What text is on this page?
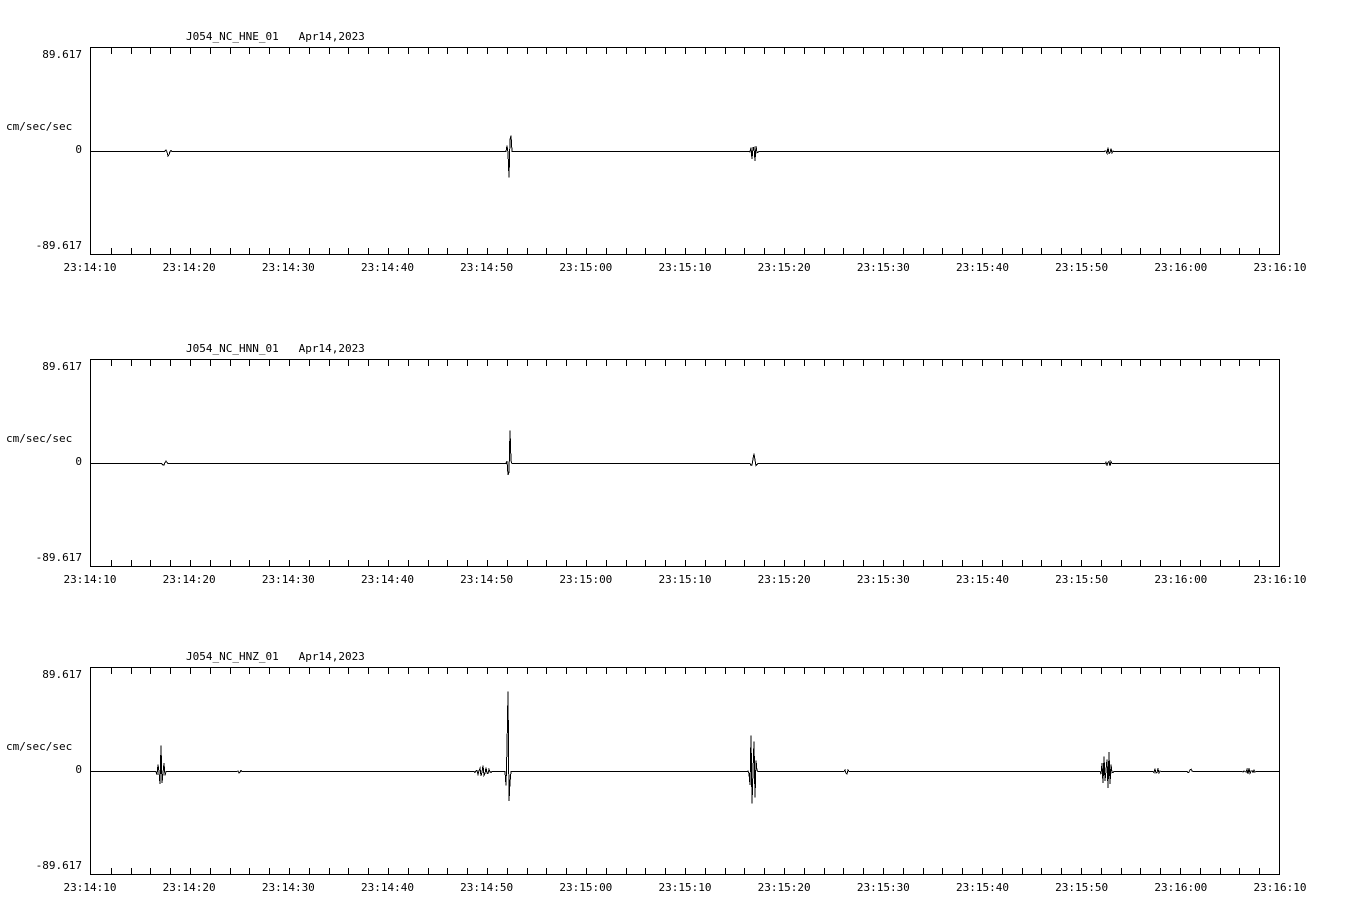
J054_NC_HNE_01   Apr14,2023
89.617
cm/sec/sec
0
-89.617
23:14:10	23:14:20	23:14:30	23:14:40	23:14:50	23:15:00	23:15:10	23:15:20	23:15:30	23:15:40	23:15:50	23:16:00	23:16:10
J054_NC_HNN_01   Apr14,2023
89.617
cm/sec/sec
0
-89.617
23:14:10	23:14:20	23:14:30	23:14:40	23:14:50	23:15:00	23:15:10	23:15:20	23:15:30	23:15:40	23:15:50	23:16:00	23:16:10
J054_NC_HNZ_01   Apr14,2023
89.617
cm/sec/sec
0
-89.617
23:14:10	23:14:20	23:14:30	23:14:40	23:14:50	23:15:00	23:15:10	23:15:20	23:15:30	23:15:40	23:15:50	23:16:00	23:16:10
